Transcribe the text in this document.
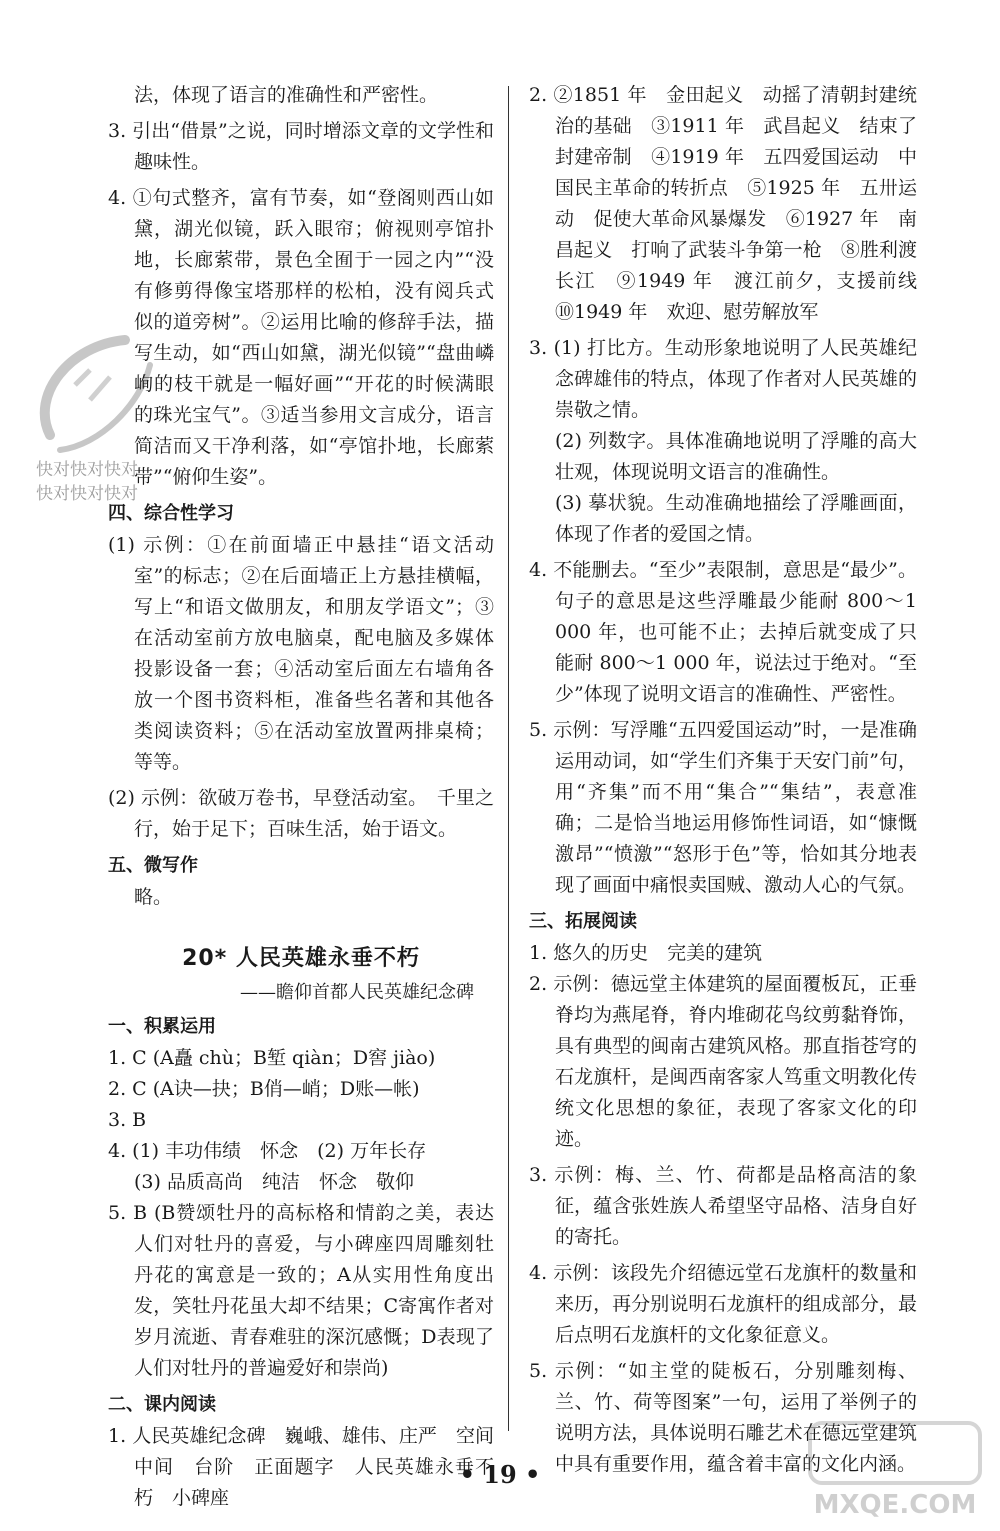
快对快对快对
快对快对快对

法，体现了语言的准确性和严密性。

3. 引出“借景”之说，同时增添文章的文学性和趣味性。

4. ①句式整齐，富有节奏，如“登阁则西山如黛，湖光似镜，跃入眼帘；俯视则亭馆扑地，长廊萦带，景色全囿于一园之内”“没有修剪得像宝塔那样的松柏，没有阅兵式似的道旁树”。②运用比喻的修辞手法，描写生动，如“西山如黛，湖光似镜”“盘曲嶙峋的枝干就是一幅好画”“开花的时候满眼的珠光宝气”。③适当参用文言成分，语言简洁而又干净利落，如“亭馆扑地，长廊萦带”“俯仰生姿”。

四、综合性学习

(1) 示例：①在前面墙正中悬挂“语文活动室”的标志；②在后面墙正上方悬挂横幅，写上“和语文做朋友，和朋友学语文”；③在活动室前方放电脑桌，配电脑及多媒体投影设备一套；④活动室后面左右墙角各放一个图书资料柜，准备些名著和其他各类阅读资料；⑤在活动室放置两排桌椅；等等。

(2) 示例：欲破万卷书，早登活动室。　千里之行，始于足下；百味生活，始于语文。

五、微写作

略。

20* 人民英雄永垂不朽
——瞻仰首都人民英雄纪念碑
一、积累运用

1. C (A矗 chù；B堑 qiàn；D窖 jiào)

2. C (A诀—抉；B俏—峭；D账—帐)

3. B

4. (1) 丰功伟绩　怀念　(2) 万年长存

(3) 品质高尚　纯洁　怀念　敬仰

5. B (B赞颂牡丹的高标格和情韵之美，表达人们对牡丹的喜爱，与小碑座四周雕刻牡丹花的寓意是一致的；A从实用性角度出发，笑牡丹花虽大却不结果；C寄寓作者对岁月流逝、青春难驻的深沉感慨；D表现了人们对牡丹的普遍爱好和崇尚)

二、课内阅读

1. 人民英雄纪念碑　巍峨、雄伟、庄严　空间中间　台阶　正面题字　人民英雄永垂不朽　小碑座

2. ②1851 年　金田起义　动摇了清朝封建统治的基础　③1911 年　武昌起义　结束了封建帝制　④1919 年　五四爱国运动　中国民主革命的转折点　⑤1925 年　五卅运动　促使大革命风暴爆发　⑥1927 年　南昌起义　打响了武装斗争第一枪　⑧胜利渡长江　⑨1949 年　渡江前夕，支援前线　⑩1949 年　欢迎、慰劳解放军

3. (1) 打比方。生动形象地说明了人民英雄纪念碑雄伟的特点，体现了作者对人民英雄的崇敬之情。

(2) 列数字。具体准确地说明了浮雕的高大壮观，体现说明文语言的准确性。

(3) 摹状貌。生动准确地描绘了浮雕画面，体现了作者的爱国之情。

4. 不能删去。“至少”表限制，意思是“最少”。句子的意思是这些浮雕最少能耐 800～1 000 年，也可能不止；去掉后就变成了只能耐 800～1 000 年，说法过于绝对。“至少”体现了说明文语言的准确性、严密性。

5. 示例：写浮雕“五四爱国运动”时，一是准确运用动词，如“学生们齐集于天安门前”句，用“齐集”而不用“集合”“集结”，表意准确；二是恰当地运用修饰性词语，如“慷慨激昂”“愤激”“怒形于色”等，恰如其分地表现了画面中痛恨卖国贼、激动人心的气氛。

三、拓展阅读

1. 悠久的历史　完美的建筑

2. 示例：德远堂主体建筑的屋面覆板瓦，正垂脊均为燕尾脊，脊内堆砌花鸟纹剪黏脊饰，具有典型的闽南古建筑风格。那直指苍穹的石龙旗杆，是闽西南客家人笃重文明教化传统文化思想的象征，表现了客家文化的印迹。

3. 示例：梅、兰、竹、荷都是品格高洁的象征，蕴含张姓族人希望坚守品格、洁身自好的寄托。

4. 示例：该段先介绍德远堂石龙旗杆的数量和来历，再分别说明石龙旗杆的组成部分，最后点明石龙旗杆的文化象征意义。

5. 示例：“如主堂的陡板石，分别雕刻梅、兰、竹、荷等图案”一句，运用了举例子的说明方法，具体说明石雕艺术在德远堂建筑中具有重要作用，蕴含着丰富的文化内涵。

• 19 •
MXQE.COM
